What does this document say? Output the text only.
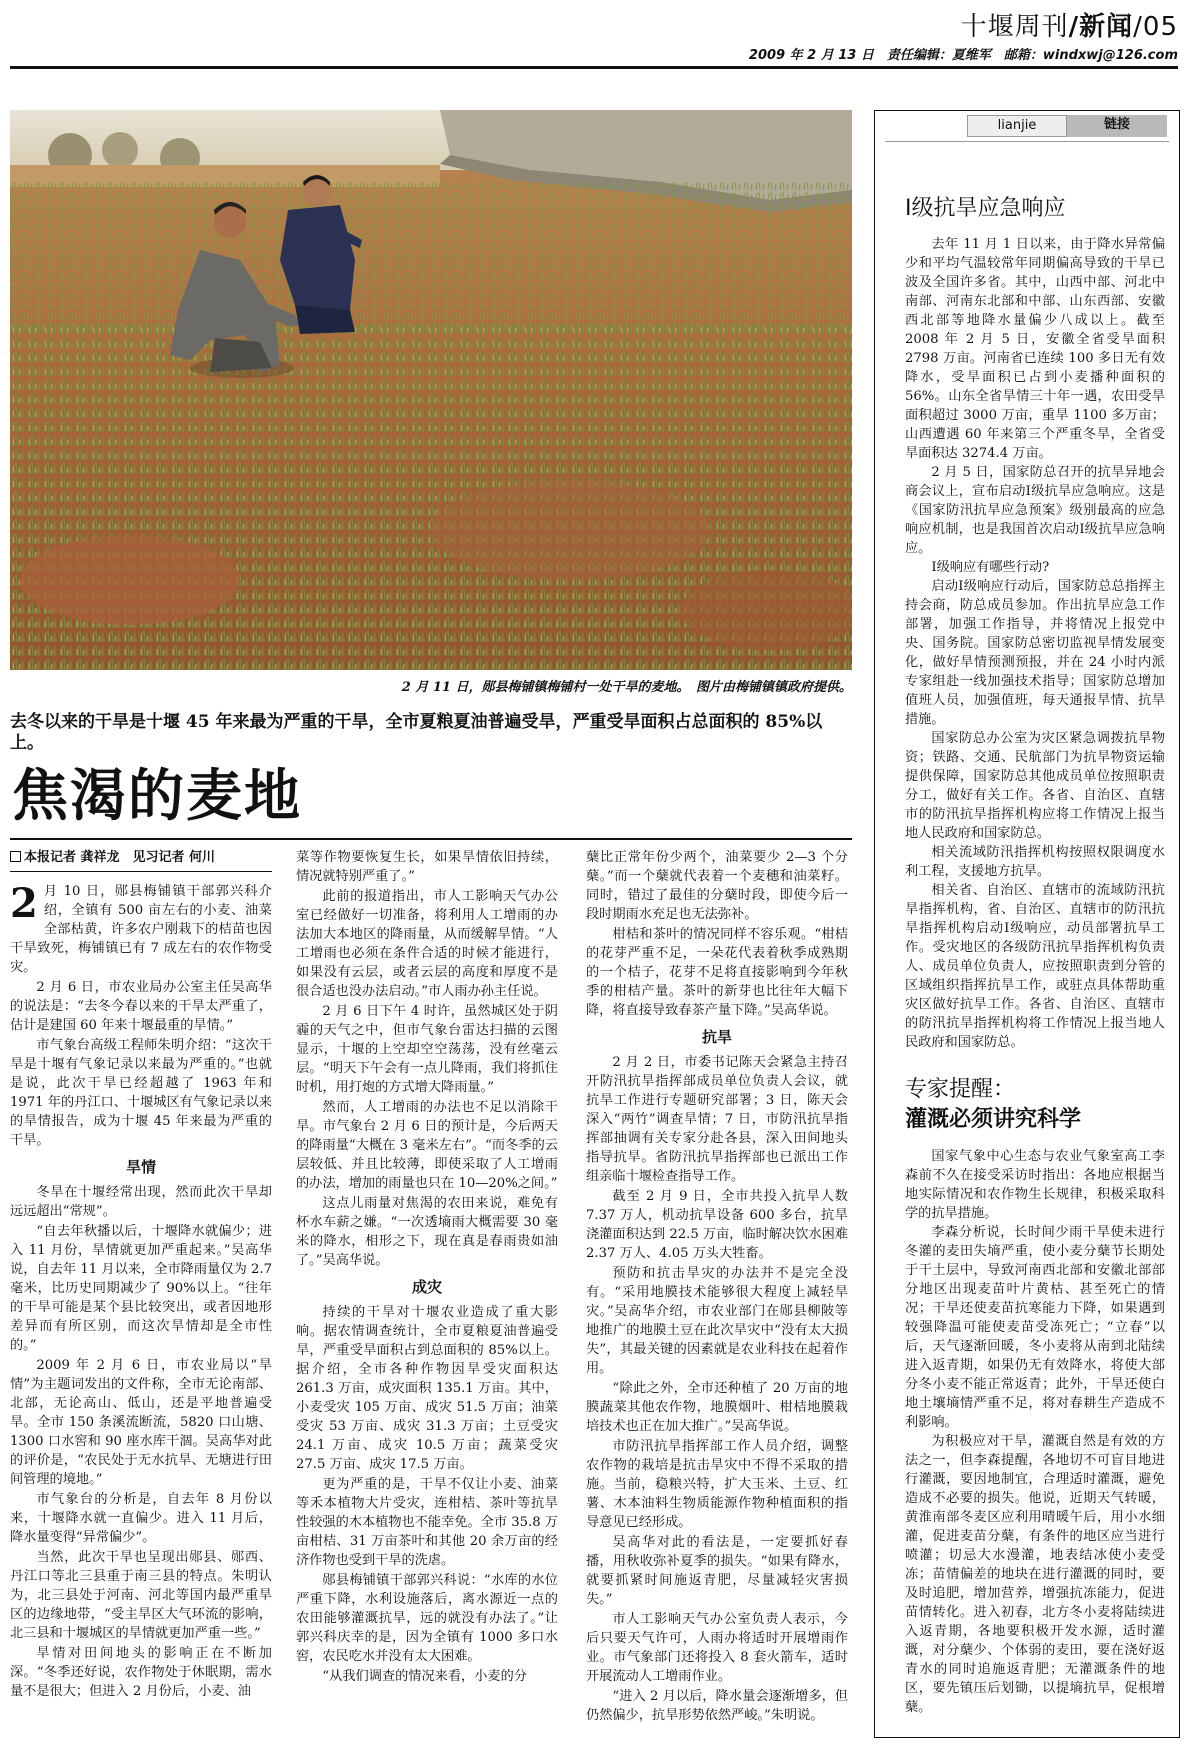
十堰周刊/新闻/05
2009 年 2 月 13 日　责任编辑：夏维军　邮箱：windxwj@126.com
2 月 11 日，郧县梅铺镇梅铺村一处干旱的麦地。　图片由梅铺镇镇政府提供。
去冬以来的干旱是十堰 45 年来最为严重的干旱，全市夏粮夏油普遍受旱，严重受旱面积占总面积的 85%以上。
焦渴的麦地
本报记者 龚祥龙　见习记者 何川

2 月 10 日，郧县梅铺镇干部郭兴科介绍，全镇有 500 亩左右的小麦、油菜全部枯黄，许多农户刚栽下的桔苗也因干旱致死，梅铺镇已有 7 成左右的农作物受灾。

2 月 6 日，市农业局办公室主任吴高华的说法是：“去冬今春以来的干旱太严重了，估计是建国 60 年来十堰最重的旱情。”

市气象台高级工程师朱明介绍：“这次干旱是十堰有气象记录以来最为严重的。”也就是说，此次干旱已经超越了 1963 年和 1971 年的丹江口、十堰城区有气象记录以来的旱情报告，成为十堰 45 年来最为严重的干旱。

旱情

冬旱在十堰经常出现，然而此次干旱却远远超出“常规”。

“自去年秋播以后，十堰降水就偏少；进入 11 月份，旱情就更加严重起来。”吴高华说，自去年 11 月以来，全市降雨量仅为 2.7 毫米，比历史同期减少了 90%以上。“往年的干旱可能是某个县比较突出，或者因地形差异而有所区别，而这次旱情却是全市性的。”

2009 年 2 月 6 日，市农业局以“旱情”为主题词发出的文件称，全市无论南部、北部，无论高山、低山，还是平地普遍受旱。全市 150 条溪流断流，5820 口山塘、1300 口水窖和 90 座水库干涸。吴高华对此的评价是，“农民处于无水抗旱、无塘进行田间管理的境地。”

市气象台的分析是，自去年 8 月份以来，十堰降水就一直偏少。进入 11 月后，降水量变得“异常偏少”。

当然，此次干旱也呈现出郧县、郧西、丹江口等北三县重于南三县的特点。朱明认为，北三县处于河南、河北等国内最严重旱区的边缘地带，“受主旱区大气环流的影响，北三县和十堰城区的旱情就更加严重一些。”

旱情对田间地头的影响正在不断加深。“冬季还好说，农作物处于休眠期，需水量不是很大；但进入 2 月份后，小麦、油

菜等作物要恢复生长，如果旱情依旧持续，情况就特别严重了。”

此前的报道指出，市人工影响天气办公室已经做好一切准备，将利用人工增雨的办法加大本地区的降雨量，从而缓解旱情。“人工增雨也必须在条件合适的时候才能进行，如果没有云层，或者云层的高度和厚度不是很合适也没办法启动。”市人雨办孙主任说。

2 月 6 日下午 4 时许，虽然城区处于阴霾的天气之中，但市气象台雷达扫描的云图显示，十堰的上空却空空荡荡，没有丝毫云层。“明天下午会有一点儿降雨，我们将抓住时机，用打炮的方式增大降雨量。”

然而，人工增雨的办法也不足以消除干旱。市气象台 2 月 6 日的预计是，今后两天的降雨量“大概在 3 毫米左右”。“而冬季的云层较低、并且比较薄，即使采取了人工增雨的办法，增加的雨量也只在 10—20%之间。”

这点儿雨量对焦渴的农田来说，难免有杯水车薪之嫌。“一次透墒雨大概需要 30 毫米的降水，相形之下，现在真是春雨贵如油了。”吴高华说。

成灾

持续的干旱对十堰农业造成了重大影响。据农情调查统计，全市夏粮夏油普遍受旱，严重受旱面积占到总面积的 85%以上。据介绍，全市各种作物因旱受灾面积达 261.3 万亩，成灾面积 135.1 万亩。其中，小麦受灾 105 万亩、成灾 51.5 万亩；油菜受灾 53 万亩、成灾 31.3 万亩；土豆受灾 24.1 万亩、成灾 10.5 万亩；蔬菜受灾 27.5 万亩、成灾 17.5 万亩。

更为严重的是，干旱不仅让小麦、油菜等禾本植物大片受灾，连柑桔、茶叶等抗旱性较强的木本植物也不能幸免。全市 35.8 万亩柑桔、31 万亩茶叶和其他 20 余万亩的经济作物也受到干旱的洗虐。

郧县梅铺镇干部郭兴科说：“水库的水位严重下降，水利设施落后，离水源近一点的农田能够灌溉抗旱，远的就没有办法了。”让郭兴科庆幸的是，因为全镇有 1000 多口水窖，农民吃水并没有太大困难。

“从我们调查的情况来看，小麦的分

蘖比正常年份少两个，油菜要少 2—3 个分蘖。”而一个蘖就代表着一个麦穗和油菜籽。同时，错过了最佳的分蘖时段，即使今后一段时期雨水充足也无法弥补。

柑桔和茶叶的情况同样不容乐观。“柑桔的花芽严重不足，一朵花代表着秋季成熟期的一个桔子，花芽不足将直接影响到今年秋季的柑桔产量。茶叶的新芽也比往年大幅下降，将直接导致春茶产量下降。”吴高华说。

抗旱

2 月 2 日，市委书记陈天会紧急主持召开防汛抗旱指挥部成员单位负责人会议，就抗旱工作进行专题研究部署；3 日，陈天会深入“两竹”调查旱情；7 日，市防汛抗旱指挥部抽调有关专家分赴各县，深入田间地头指导抗旱。省防汛抗旱指挥部也已派出工作组亲临十堰检查指导工作。

截至 2 月 9 日，全市共投入抗旱人数 7.37 万人，机动抗旱设备 600 多台，抗旱浇灌面积达到 22.5 万亩，临时解决饮水困难 2.37 万人、4.05 万头大牲畜。

预防和抗击旱灾的办法并不是完全没有。“采用地膜技术能够很大程度上减轻旱灾。”吴高华介绍，市农业部门在郧县柳陂等地推广的地膜土豆在此次旱灾中“没有太大损失”，其最关键的因素就是农业科技在起着作用。

“除此之外，全市还种植了 20 万亩的地膜蔬菜其他农作物，地膜烟叶、柑桔地膜栽培技术也正在加大推广。”吴高华说。

市防汛抗旱指挥部工作人员介绍，调整农作物的栽培是抗击旱灾中不得不采取的措施。当前，稳粮兴特，扩大玉米、土豆、红薯、木本油料生物质能源作物种植面积的指导意见已经形成。

吴高华对此的看法是，一定要抓好春播，用秋收弥补夏季的损失。“如果有降水，就要抓紧时间施返青肥，尽量减轻灾害损失。”

市人工影响天气办公室负责人表示，今后只要天气许可，人雨办将适时开展增雨作业。市气象部门还将投入 8 套火箭车，适时开展流动人工增雨作业。

“进入 2 月以后，降水量会逐渐增多，但仍然偏少，抗旱形势依然严峻。”朱明说。

lianjie	链接
Ⅰ级抗旱应急响应

去年 11 月 1 日以来，由于降水异常偏少和平均气温较常年同期偏高导致的干旱已波及全国许多省。其中，山西中部、河北中南部、河南东北部和中部、山东西部、安徽西北部等地降水量偏少八成以上。截至 2008 年 2 月 5 日，安徽全省受旱面积 2798 万亩。河南省已连续 100 多日无有效降水，受旱面积已占到小麦播种面积的 56%。山东全省旱情三十年一遇，农田受旱面积超过 3000 万亩，重旱 1100 多万亩；山西遭遇 60 年来第三个严重冬旱，全省受旱面积达 3274.4 万亩。

2 月 5 日，国家防总召开的抗旱异地会商会议上，宣布启动Ⅰ级抗旱应急响应。这是《国家防汛抗旱应急预案》级别最高的应急响应机制，也是我国首次启动Ⅰ级抗旱应急响应。

Ⅰ级响应有哪些行动?

启动Ⅰ级响应行动后，国家防总总指挥主持会商，防总成员参加。作出抗旱应急工作部署，加强工作指导，并将情况上报党中央、国务院。国家防总密切监视旱情发展变化，做好旱情预测预报，并在 24 小时内派专家组赴一线加强技术指导；国家防总增加值班人员，加强值班，每天通报旱情、抗旱措施。

国家防总办公室为灾区紧急调拨抗旱物资；铁路、交通、民航部门为抗旱物资运输提供保障，国家防总其他成员单位按照职责分工，做好有关工作。各省、自治区、直辖市的防汛抗旱指挥机构应将工作情况上报当地人民政府和国家防总。

相关流域防汛指挥机构按照权限调度水利工程，支援地方抗旱。

相关省、自治区、直辖市的流域防汛抗旱指挥机构，省、自治区、直辖市的防汛抗旱指挥机构启动Ⅰ级响应，动员部署抗旱工作。受灾地区的各级防汛抗旱指挥机构负责人、成员单位负责人，应按照职责到分管的区域组织指挥抗旱工作，或驻点具体帮助重灾区做好抗旱工作。各省、自治区、直辖市的防汛抗旱指挥机构将工作情况上报当地人民政府和国家防总。

专家提醒：
灌溉必须讲究科学

国家气象中心生态与农业气象室高工李森前不久在接受采访时指出：各地应根据当地实际情况和农作物生长规律，积极采取科学的抗旱措施。

李森分析说，长时间少雨干旱使未进行冬灌的麦田失墒严重，使小麦分蘖节长期处于干土层中，导致河南西北部和安徽北部部分地区出现麦苗叶片黄枯、甚至死亡的情况；干旱还使麦苗抗寒能力下降，如果遇到较强降温可能使麦苗受冻死亡；“立春”以后，天气逐渐回暖，冬小麦将从南到北陆续进入返青期，如果仍无有效降水，将使大部分冬小麦不能正常返青；此外，干旱还使白地土壤墒情严重不足，将对春耕生产造成不利影响。

为积极应对干旱，灌溉自然是有效的方法之一，但李森提醒，各地切不可盲目地进行灌溉，要因地制宜，合理适时灌溉，避免造成不必要的损失。他说，近期天气转暖，黄淮南部冬麦区应利用晴暖午后，用小水细灌，促进麦苗分蘖，有条件的地区应当进行喷灌；切忌大水漫灌，地表结冰使小麦受冻；苗情偏差的地块在进行灌溉的同时，要及时追肥，增加营养，增强抗冻能力，促进苗情转化。进入初春，北方冬小麦将陆续进入返青期，各地要积极开发水源，适时灌溉，对分蘖少、个体弱的麦田，要在浇好返青水的同时追施返青肥；无灌溉条件的地区，要先镇压后划锄，以提墒抗旱，促根增蘖。
